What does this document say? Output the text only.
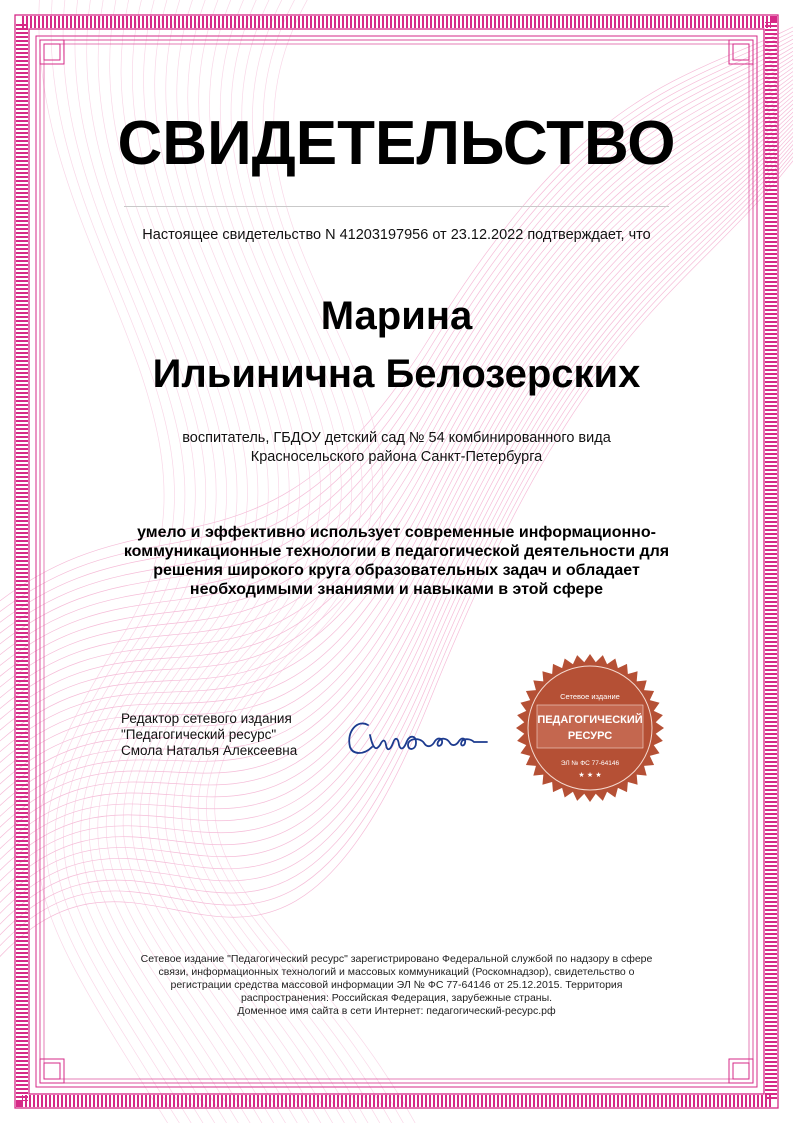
СВИДЕТЕЛЬСТВО
Настоящее свидетельство N 41203197956 от 23.12.2022 подтверждает, что
Марина
Ильинична Белозерских
воспитатель, ГБДОУ детский сад № 54 комбинированного вида
Красносельского района Санкт-Петербурга
умело и эффективно использует современные информационно-коммуникационные технологии в педагогической деятельности для решения широкого круга образовательных задач и обладает необходимыми знаниями и навыками в этой сфере
Редактор сетевого издания
"Педагогический ресурс"
Смола Наталья Алексеевна
Сетевое издание
ПЕДАГОГИЧЕСКИЙ
РЕСУРС
ЭЛ № ФС 77-64146
★ ★ ★
Сетевое издание "Педагогический ресурс" зарегистрировано Федеральной службой по надзору в сфере
связи, информационных технологий и массовых коммуникаций (Роскомнадзор), свидетельство о
регистрации средства массовой информации ЭЛ № ФС 77-64146 от 25.12.2015. Территория
распространения: Российская Федерация, зарубежные страны.
Доменное имя сайта в сети Интернет: педагогический-ресурс.рф
